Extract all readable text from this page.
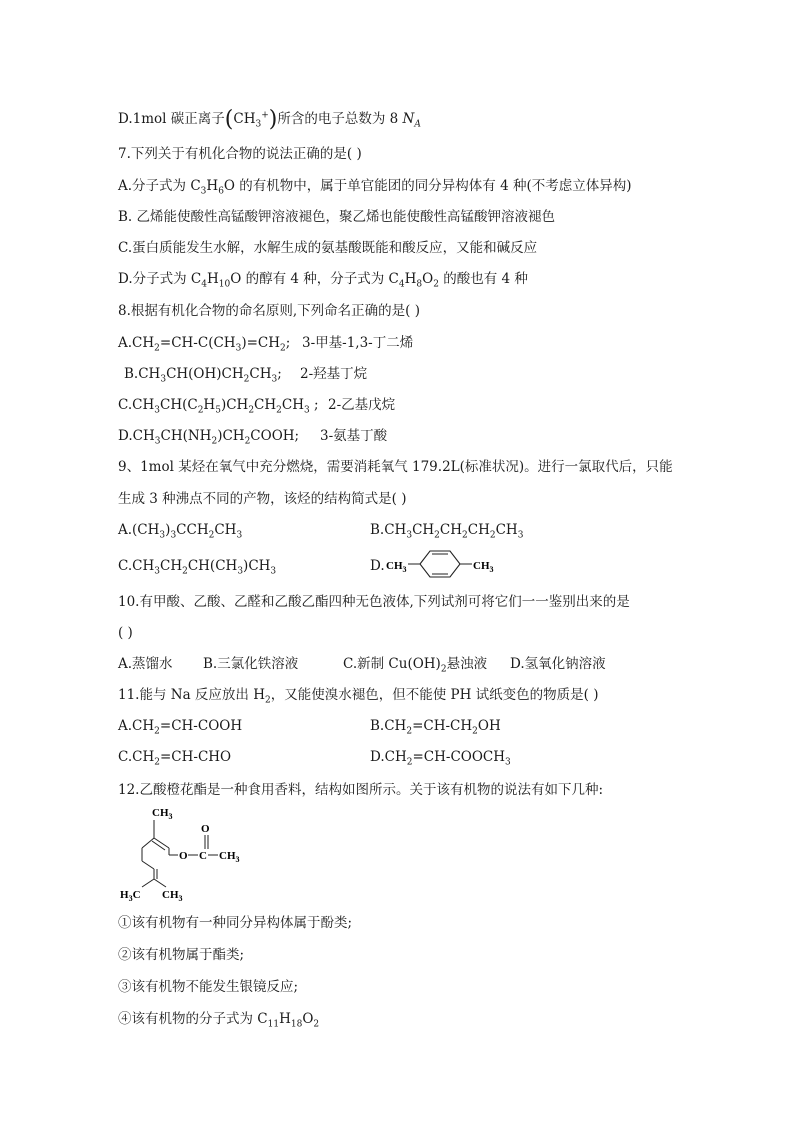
D.1mol 碳正离子$(CH_3^+)$所含的电子总数为 8 $N_A$
7.下列关于有机化合物的说法正确的是( )
A.分子式为 $C_3H_6O$ 的有机物中，属于单官能团的同分异构体有 4 种(不考虑立体异构)
B. 乙烯能使酸性高锰酸钾溶液褪色，聚乙烯也能使酸性高锰酸钾溶液褪色
C.蛋白质能发生水解，水解生成的氨基酸既能和酸反应，又能和碱反应
D.分子式为 $C_4H_{10}O$ 的醇有 4 种，分子式为 $C_4H_8O_2$ 的酸也有 4 种
8.根据有机化合物的命名原则,下列命名正确的是( )
$A.CH_2=CH-C(CH_3)=CH_2$; 3-甲基-1,3-丁二烯
$B.CH_3CH(OH)CH_2CH_3$; 2-羟基丁烷
$C.CH_3CH(C_2H_5)CH_2CH_2CH_3$ ; 2-乙基戊烷
$D.CH_3CH(NH_2)CH_2COOH$; 3-氨基丁酸
9、1mol 某烃在氧气中充分燃烧，需要消耗氧气 179.2L(标准状况)。进行一氯取代后，只能
生成 3 种沸点不同的产物，该烃的结构简式是( )
$A.(CH_3)_3CCH_2CH_3$	$B.CH_3CH_2CH_2CH_2CH_3$
$C.CH_3CH_2CH(CH_3)CH_3$	D. $CH_3$	$CH_3$
10.有甲酸、乙酸、乙醛和乙酸乙酯四种无色液体,下列试剂可将它们一一鉴别出来的是
( )
A.蒸馏水 B.三氯化铁溶液	C.新制 $Cu(OH)_2$悬浊液 D.氢氧化钠溶液
11.能与 Na 反应放出 $H_2$，又能使溴水褪色，但不能使 PH 试纸变色的物质是( )
$A.CH_2=CH$-COOH	$B.CH_2=CH-CH_2OH$
$C.CH_2=CH$-CHO	$D.CH_2=CH-COOCH_3$
12.乙酸橙花酯是一种食用香料，结构如图所示。关于该有机物的说法有如下几种:
$CH_3$
O C
O
$CH_3$
$H_3C$ $CH_3$
①该有机物有一种同分异构体属于酚类;
②该有机物属于酯类;
③该有机物不能发生银镜反应;
④该有机物的分子式为 $C_{11}H_{18}O_2$
